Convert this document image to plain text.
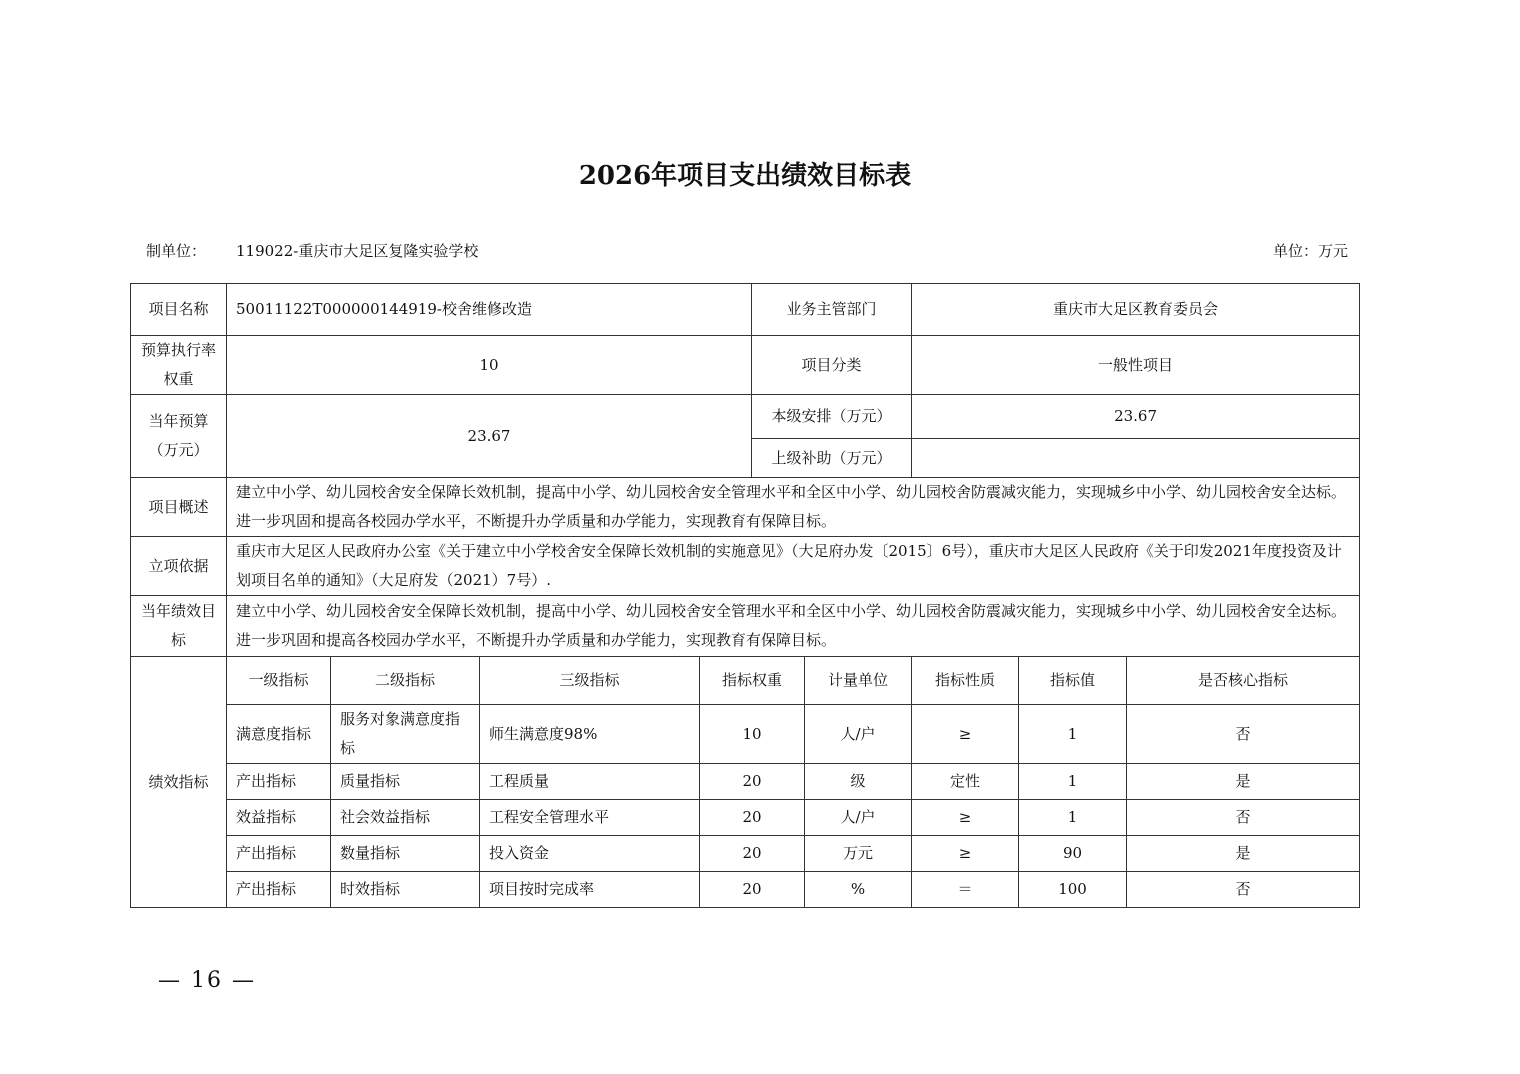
2026年项目支出绩效目标表
制单位： 119022-重庆市大足区复隆实验学校	单位：万元
项目名称	50011122T000000144919-校舍维修改造				业务主管部门		重庆市大足区教育委员会		
预算执行率权重	10				项目分类		一般性项目		
当年预算（万元）	23.67				本级安排（万元）		23.67		
					上级补助（万元）				
项目概述	建立中小学、幼儿园校舍安全保障长效机制，提高中小学、幼儿园校舍安全管理水平和全区中小学、幼儿园校舍防震减灾能力，实现城乡中小学、幼儿园校舍安全达标。进一步巩固和提高各校园办学水平，不断提升办学质量和办学能力，实现教育有保障目标。								
立项依据	重庆市大足区人民政府办公室《关于建立中小学校舍安全保障长效机制的实施意见》（大足府办发〔2015〕6号），重庆市大足区人民政府《关于印发2021年度投资及计划项目名单的通知》（大足府发（2021）7号）.								
当年绩效目标	建立中小学、幼儿园校舍安全保障长效机制，提高中小学、幼儿园校舍安全管理水平和全区中小学、幼儿园校舍防震减灾能力，实现城乡中小学、幼儿园校舍安全达标。进一步巩固和提高各校园办学水平，不断提升办学质量和办学能力，实现教育有保障目标。								
绩效指标	一级指标	二级指标	三级指标	指标权重		计量单位	指标性质	指标值	是否核心指标
	满意度指标	服务对象满意度指标	师生满意度98%	10		人/户	≥	1	否
	产出指标	质量指标	工程质量	20		级	定性	1	是
	效益指标	社会效益指标	工程安全管理水平	20		人/户	≥	1	否
	产出指标	数量指标	投入资金	20		万元	≥	90	是
	产出指标	时效指标	项目按时完成率	20		%	＝	100	否
— 16 —
